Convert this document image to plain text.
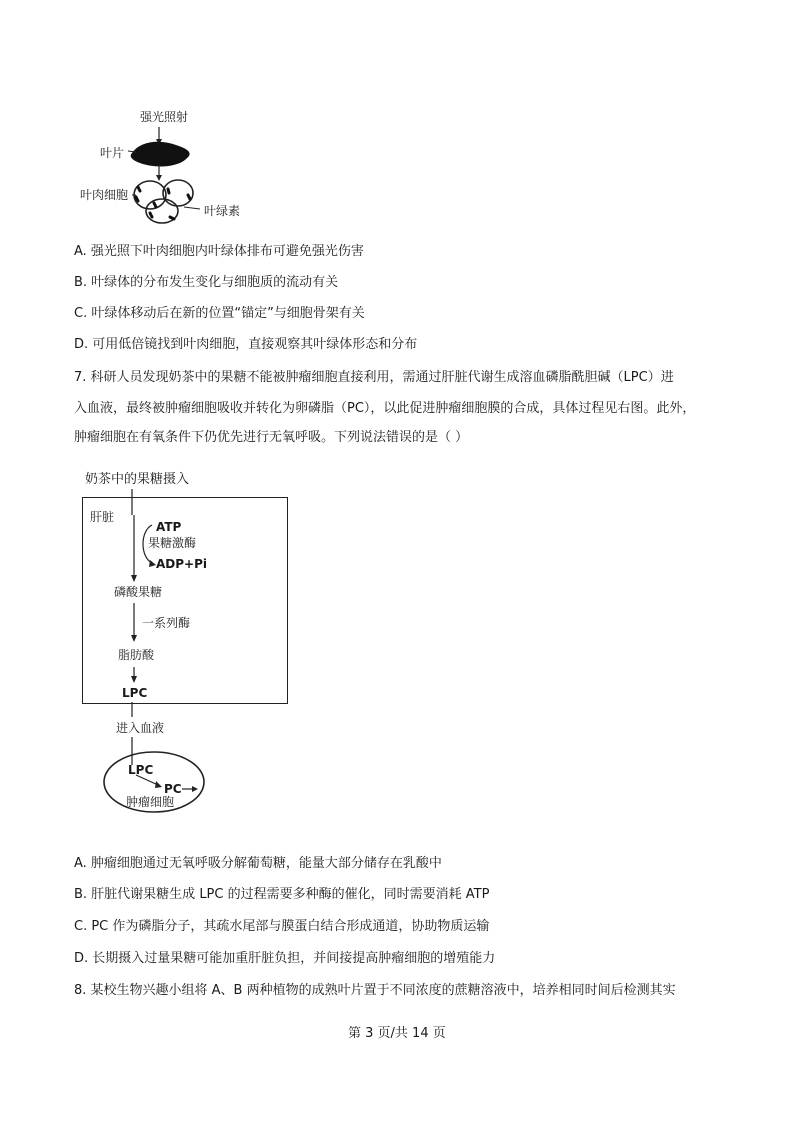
强光照射
叶片
叶肉细胞
叶绿素
A. 强光照下叶肉细胞内叶绿体排布可避免强光伤害
B. 叶绿体的分布发生变化与细胞质的流动有关
C. 叶绿体移动后在新的位置“锚定”与细胞骨架有关
D. 可用低倍镜找到叶肉细胞，直接观察其叶绿体形态和分布
7. 科研人员发现奶茶中的果糖不能被肿瘤细胞直接利用，需通过肝脏代谢生成溶血磷脂酰胆碱（LPC）进
入血液，最终被肿瘤细胞吸收并转化为卵磷脂（PC），以此促进肿瘤细胞膜的合成，具体过程见右图。此外，
肿瘤细胞在有氧条件下仍优先进行无氧呼吸。下列说法错误的是（ ）
奶茶中的果糖摄入
肝脏
ATP
果糖激酶
ADP+Pi
磷酸果糖
一系列酶
脂肪酸
LPC
进入血液
LPC
PC
肿瘤细胞
A. 肿瘤细胞通过无氧呼吸分解葡萄糖，能量大部分储存在乳酸中
B. 肝脏代谢果糖生成 LPC 的过程需要多种酶的催化，同时需要消耗 ATP
C. PC 作为磷脂分子，其疏水尾部与膜蛋白结合形成通道，协助物质运输
D. 长期摄入过量果糖可能加重肝脏负担，并间接提高肿瘤细胞的增殖能力
8. 某校生物兴趣小组将 A、B 两种植物的成熟叶片置于不同浓度的蔗糖溶液中，培养相同时间后检测其实
第 3 页/共 14 页
